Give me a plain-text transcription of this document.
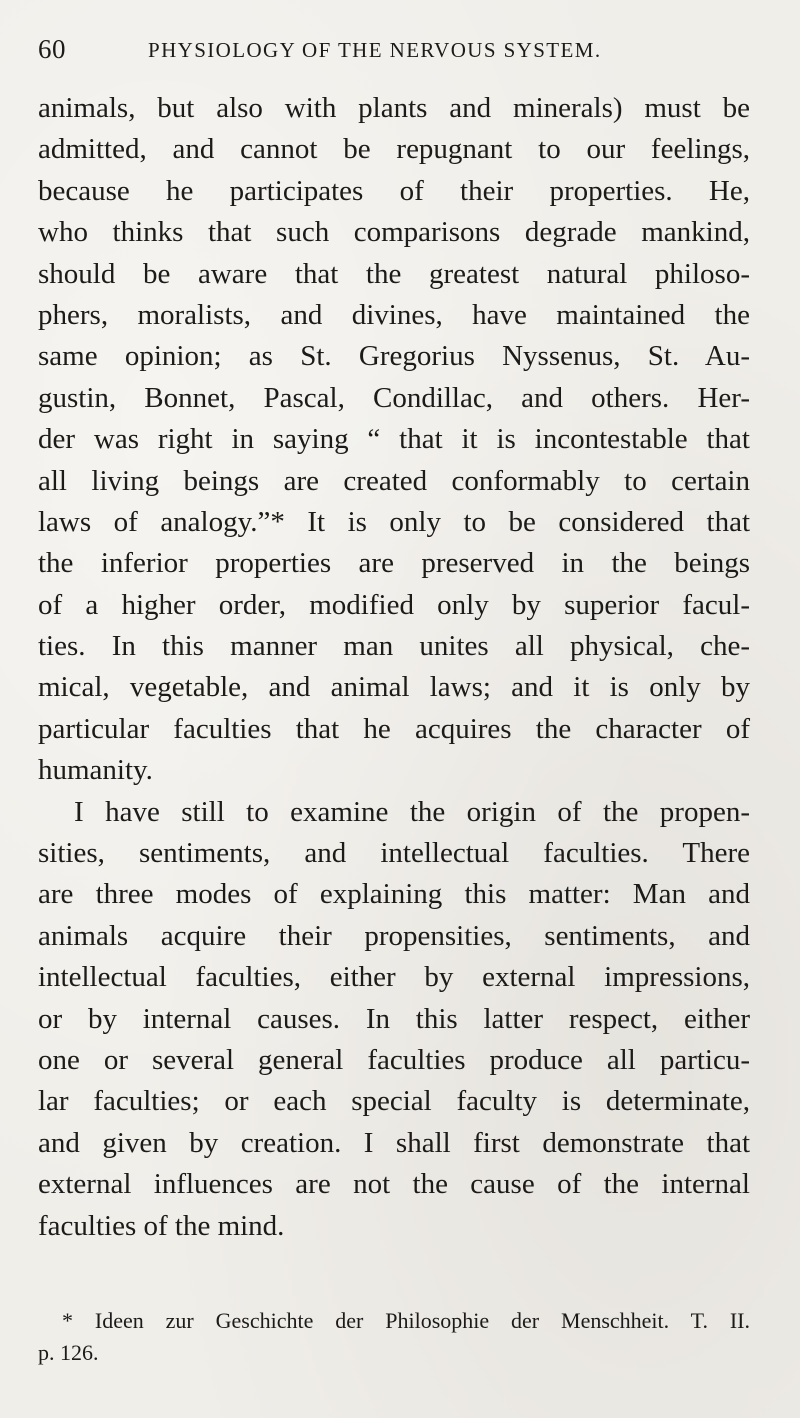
60	PHYSIOLOGY OF THE NERVOUS SYSTEM.
animals, but also with plants and minerals) must be
admitted, and cannot be repugnant to our feelings,
because he participates of their properties. He,
who thinks that such comparisons degrade mankind,
should be aware that the greatest natural philoso-
phers, moralists, and divines, have maintained the
same opinion; as St. Gregorius Nyssenus, St. Au-
gustin, Bonnet, Pascal, Condillac, and others. Her-
der was right in saying “ that it is incontestable that
all living beings are created conformably to certain
laws of analogy.”* It is only to be considered that
the inferior properties are preserved in the beings
of a higher order, modified only by superior facul-
ties. In this manner man unites all physical, che-
mical, vegetable, and animal laws; and it is only by
particular faculties that he acquires the character of
humanity.
I have still to examine the origin of the propen-
sities, sentiments, and intellectual faculties. There
are three modes of explaining this matter: Man and
animals acquire their propensities, sentiments, and
intellectual faculties, either by external impressions,
or by internal causes. In this latter respect, either
one or several general faculties produce all particu-
lar faculties; or each special faculty is determinate,
and given by creation. I shall first demonstrate that
external influences are not the cause of the internal
faculties of the mind.
* Ideen zur Geschichte der Philosophie der Menschheit. T. II.
p. 126.
